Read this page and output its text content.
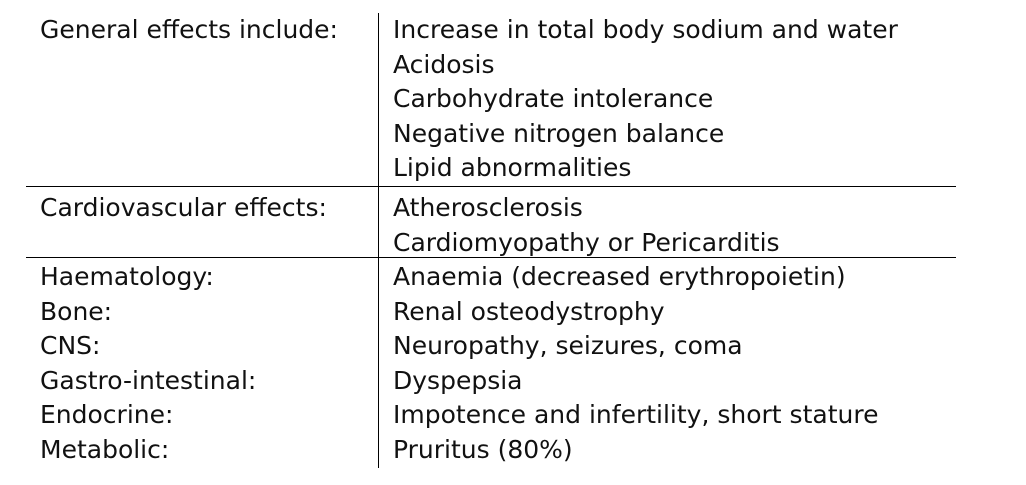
General effects include: Increase in total body sodium and water
Acidosis
Carbohydrate intolerance
Negative nitrogen balance
Lipid abnormalities
Cardiovascular effects:	Atherosclerosis
Cardiomyopathy or Pericarditis
Haematology:
Bone:
CNS:
Gastro-intestinal:
Endocrine:
Metabolic:
Anaemia (decreased erythropoietin)
Renal osteodystrophy
Neuropathy, seizures, coma
Dyspepsia
Impotence and infertility, short stature
Pruritus (80%)
